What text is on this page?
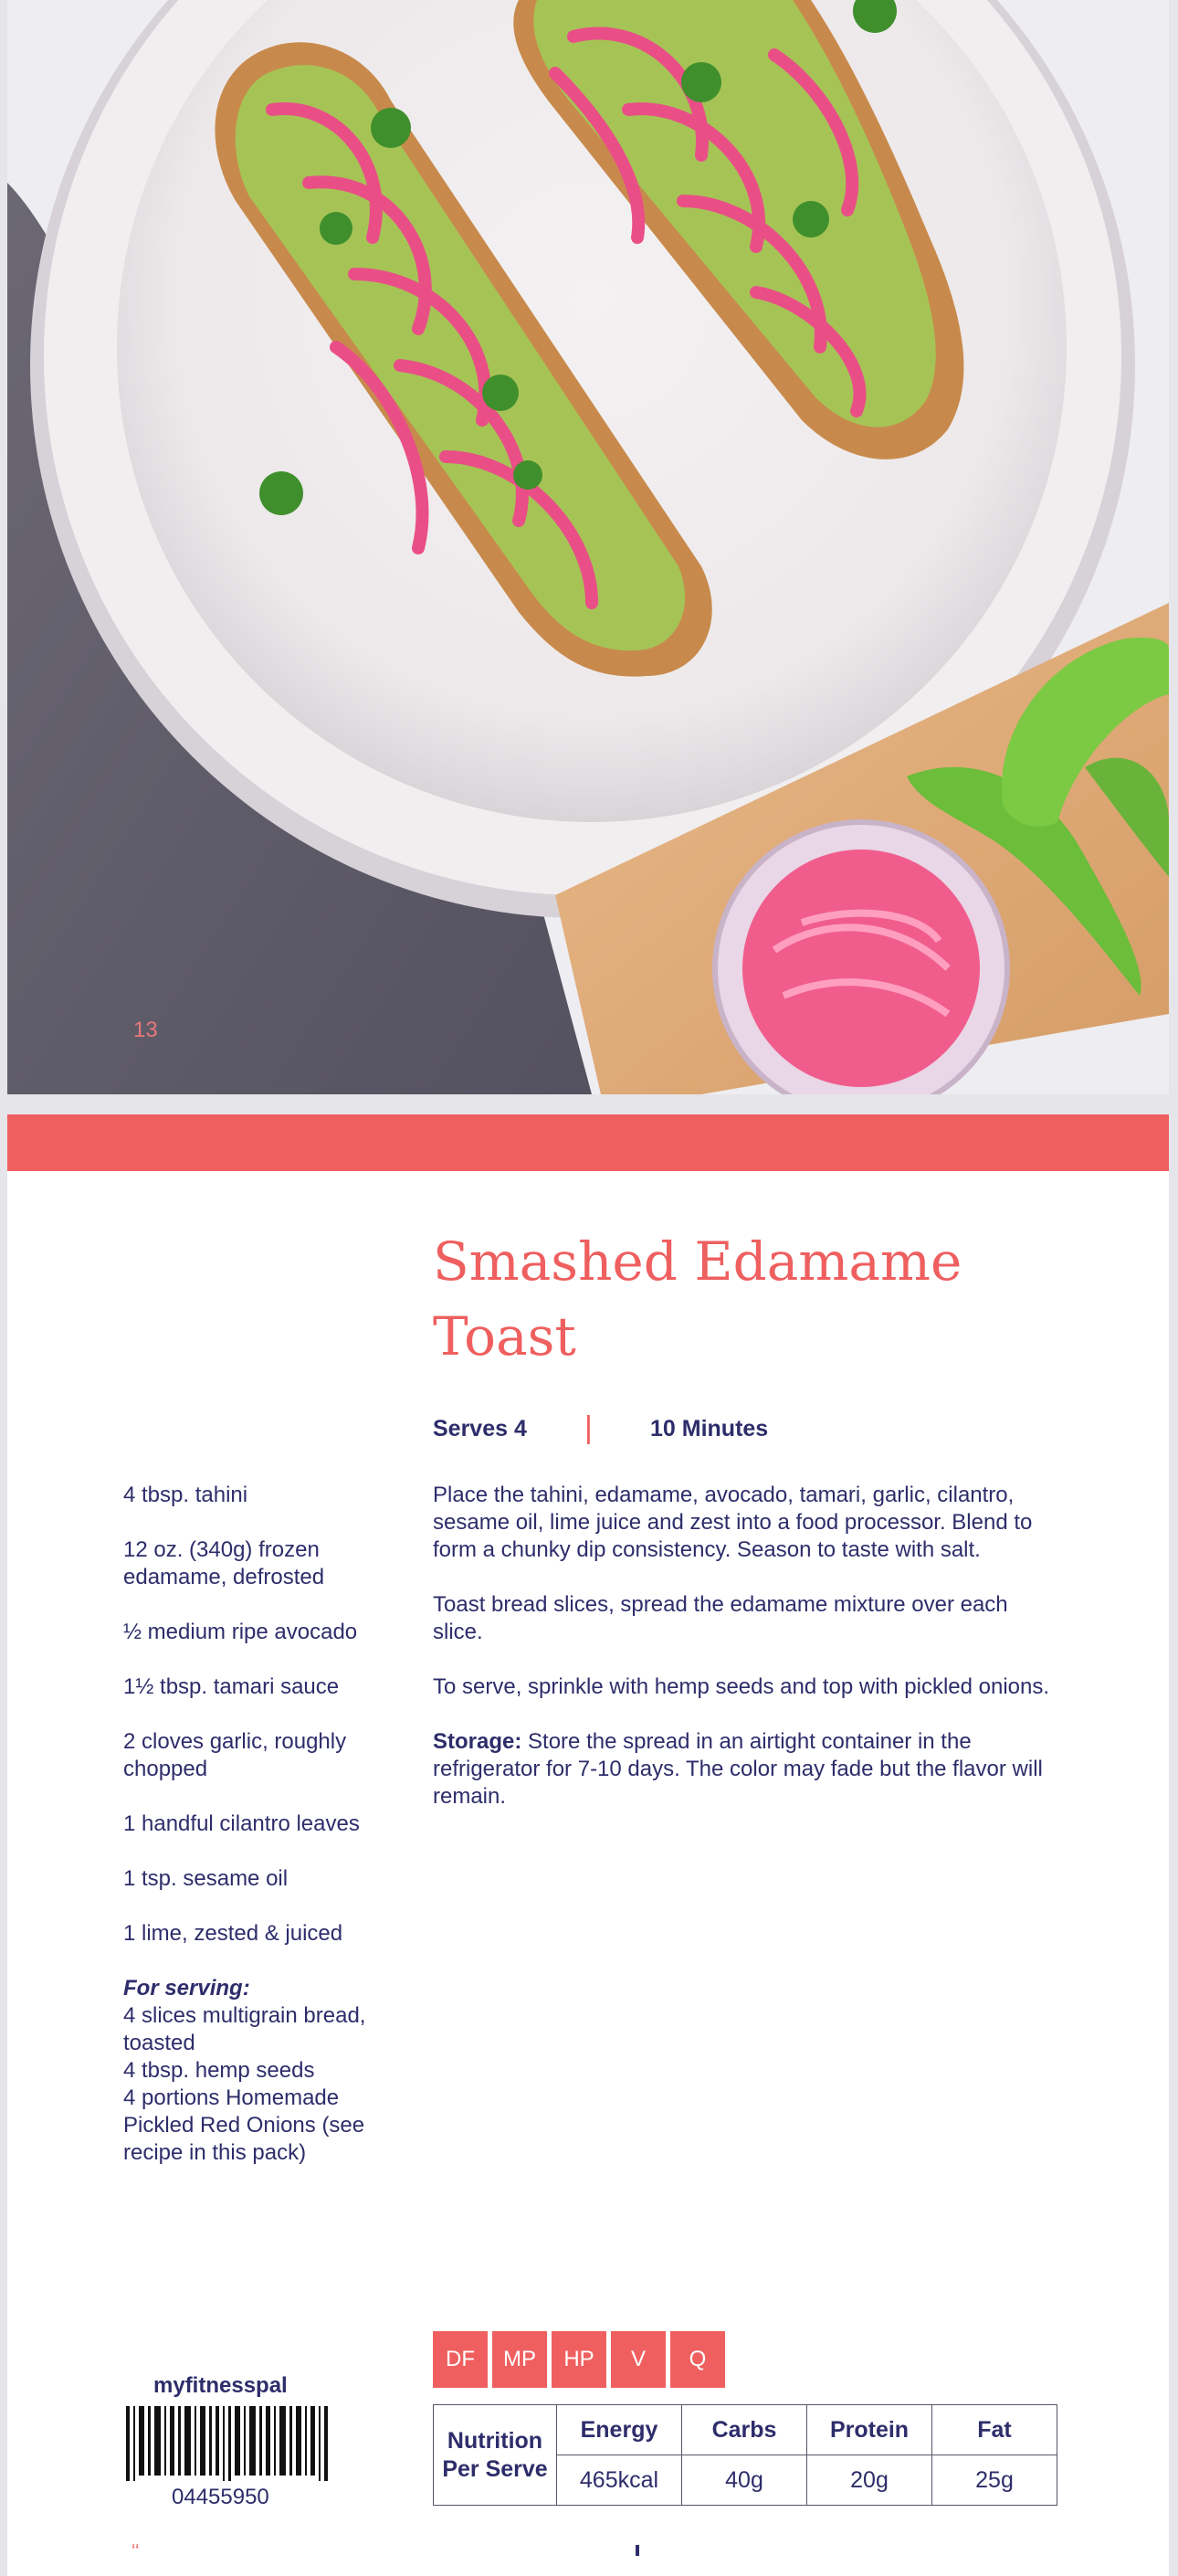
13
Smashed Edamame Toast
Serves 4 |	10 Minutes

4 tbsp. tahini

12 oz. (340g) frozen edamame, defrosted

½ medium ripe avocado

1½ tbsp. tamari sauce

2 cloves garlic, roughly chopped

1 handful cilantro leaves

1 tsp. sesame oil

1 lime, zested & juiced

For serving:
4 slices multigrain bread, toasted
4 tbsp. hemp seeds
4 portions Homemade Pickled Red Onions (see recipe in this pack)

Place the tahini, edamame, avocado, tamari, garlic, cilantro, sesame oil, lime juice and zest into a food processor. Blend to form a chunky dip consistency. Season to taste with salt.

Toast bread slices, spread the edamame mixture over each slice.

To serve, sprinkle with hemp seeds and top with pickled onions.

Storage: Store the spread in an airtight container in the refrigerator for 7-10 days. The color may fade but the flavor will remain.

DF	MP	HP	V	Q
Nutrition
Per Serve	Energy	Carbs	Protein	Fat
	465kcal	40g	20g	25g
myfitnesspal
04455950
‘‘
